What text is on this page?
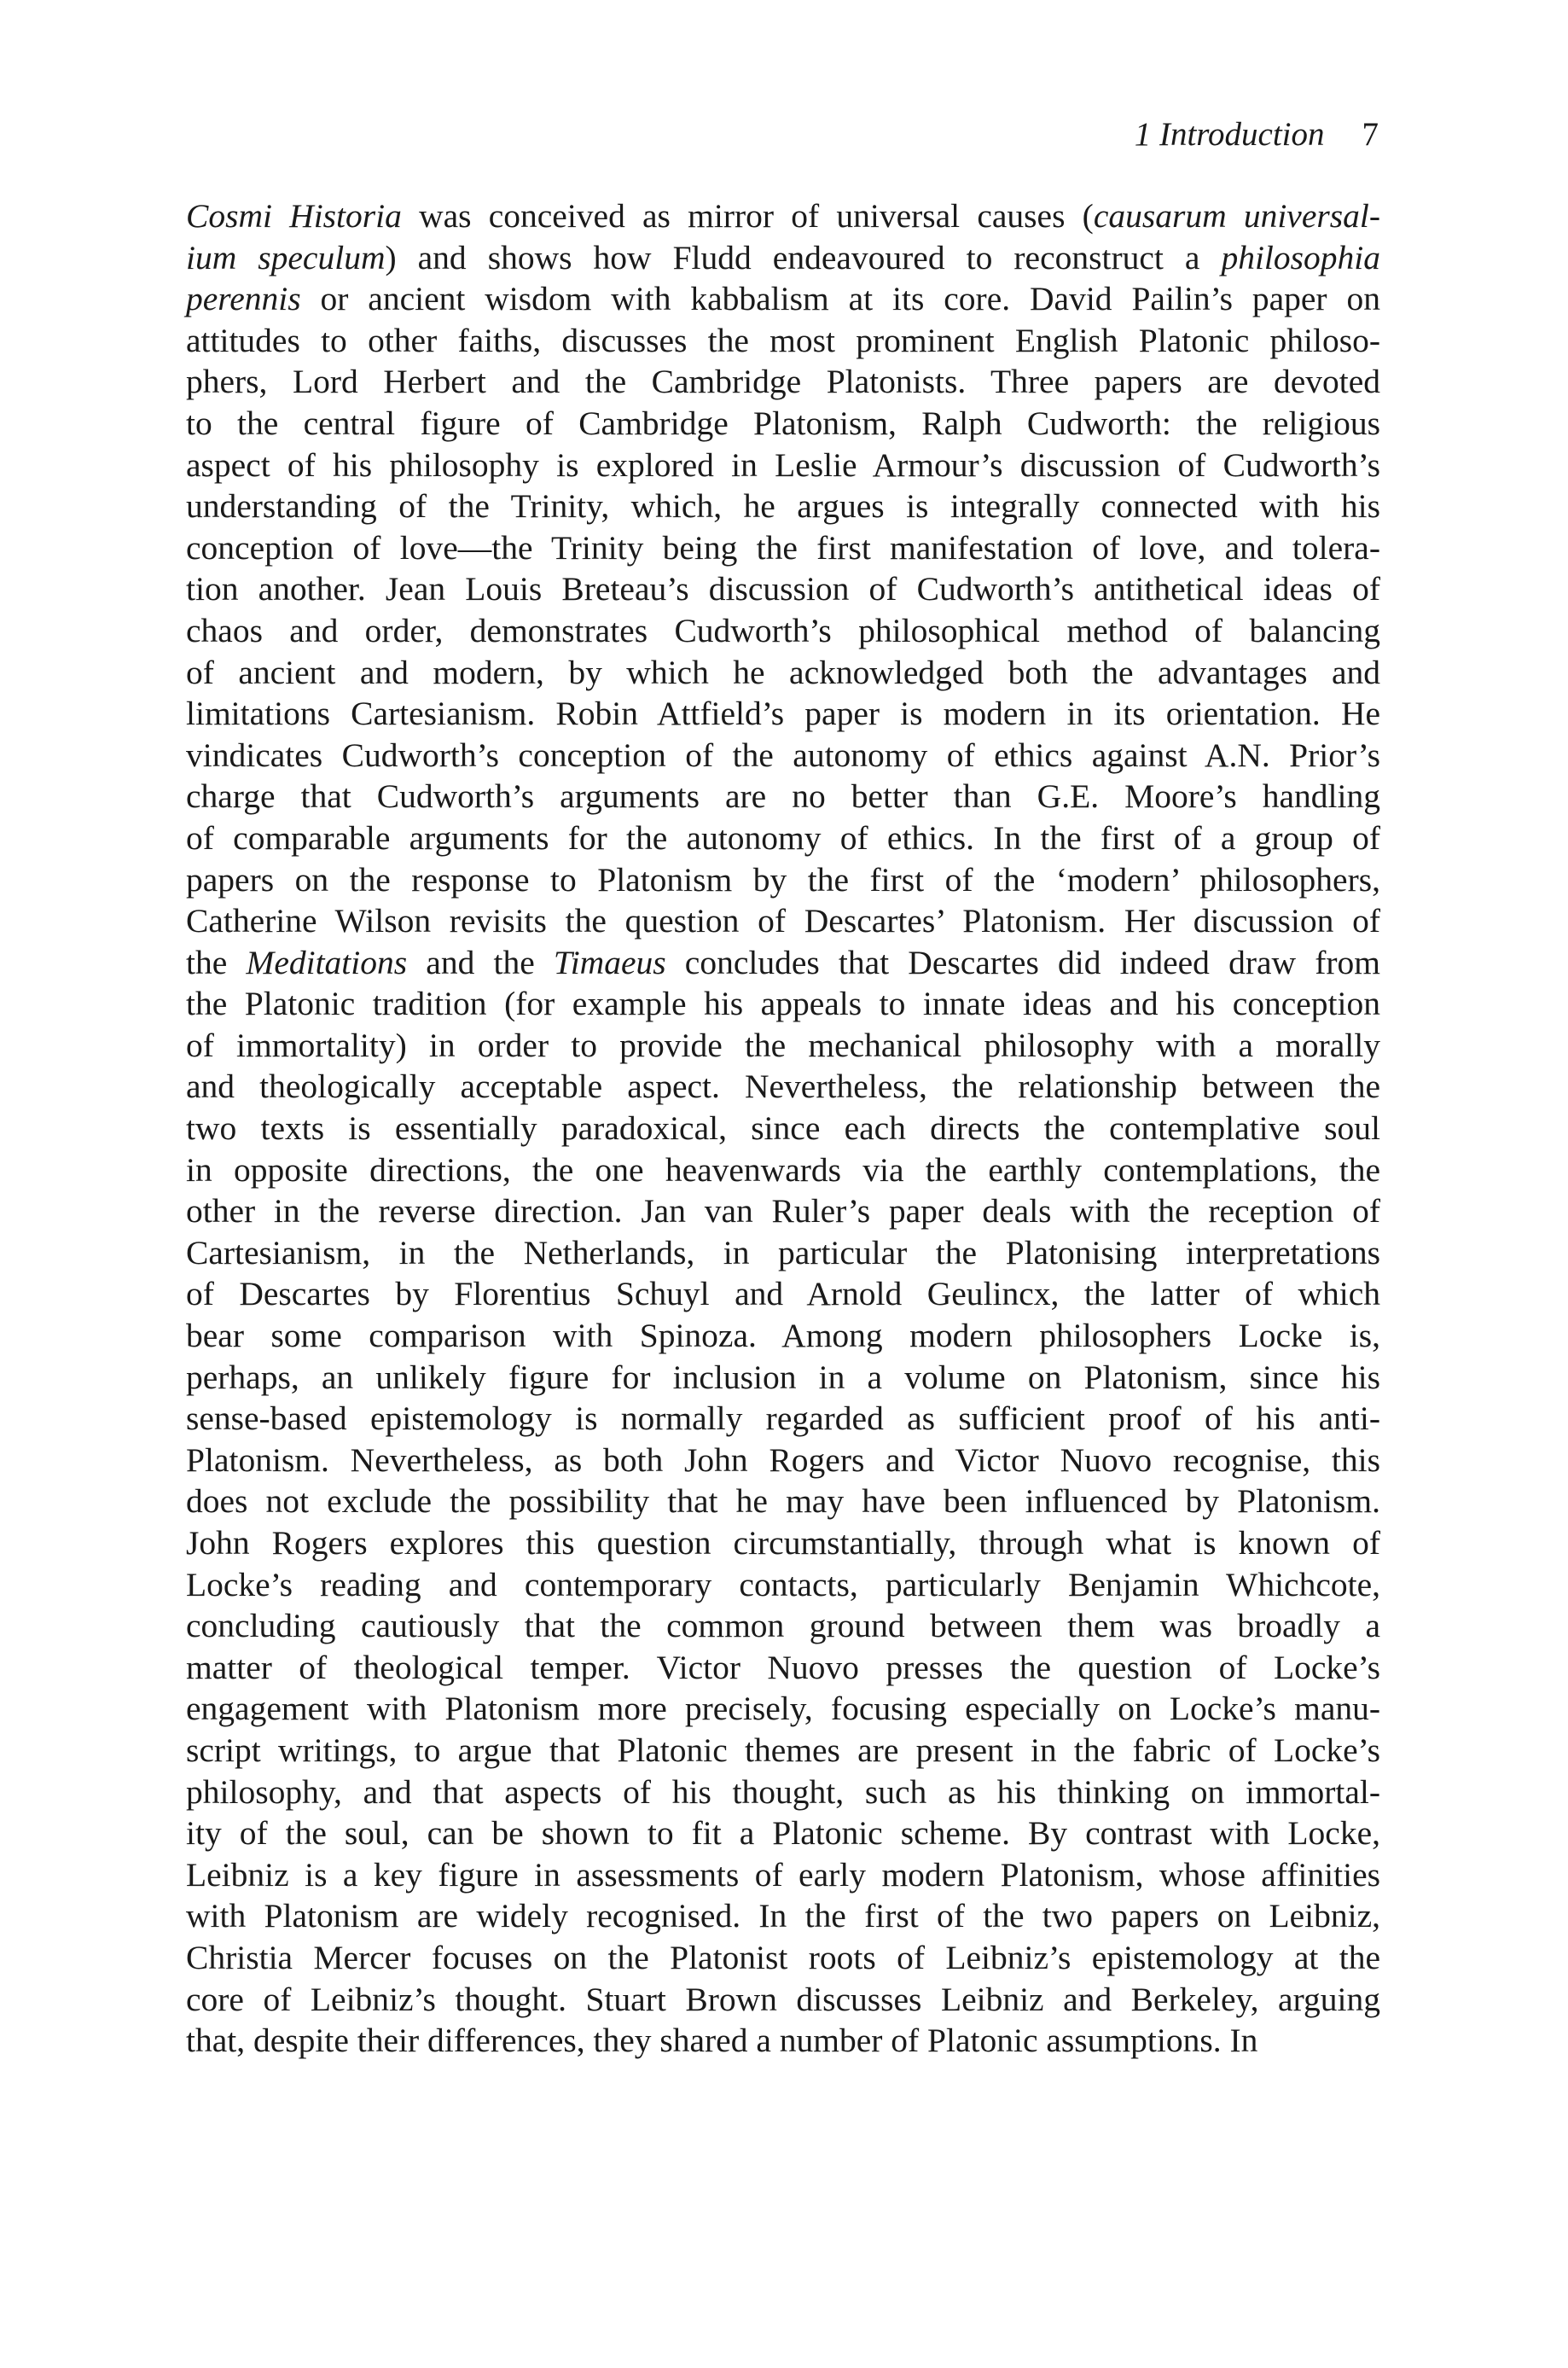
1 Introduction 7
Cosmi Historia was conceived as mirror of universal causes (causarum universal-
ium speculum) and shows how Fludd endeavoured to reconstruct a philosophia
perennis or ancient wisdom with kabbalism at its core. David Pailin’s paper on
attitudes to other faiths, discusses the most prominent English Platonic philoso-
phers, Lord Herbert and the Cambridge Platonists. Three papers are devoted
to the central figure of Cambridge Platonism, Ralph Cudworth: the religious
aspect of his philosophy is explored in Leslie Armour’s discussion of Cudworth’s
understanding of the Trinity, which, he argues is integrally connected with his
conception of love—the Trinity being the first manifestation of love, and tolera-
tion another. Jean Louis Breteau’s discussion of Cudworth’s antithetical ideas of
chaos and order, demonstrates Cudworth’s philosophical method of balancing
of ancient and modern, by which he acknowledged both the advantages and
limitations Cartesianism. Robin Attfield’s paper is modern in its orientation. He
vindicates Cudworth’s conception of the autonomy of ethics against A.N. Prior’s
charge that Cudworth’s arguments are no better than G.E. Moore’s handling
of comparable arguments for the autonomy of ethics. In the first of a group of
papers on the response to Platonism by the first of the ‘modern’ philosophers,
Catherine Wilson revisits the question of Descartes’ Platonism. Her discussion of
the Meditations and the Timaeus concludes that Descartes did indeed draw from
the Platonic tradition (for example his appeals to innate ideas and his conception
of immortality) in order to provide the mechanical philosophy with a morally
and theologically acceptable aspect. Nevertheless, the relationship between the
two texts is essentially paradoxical, since each directs the contemplative soul
in opposite directions, the one heavenwards via the earthly contemplations, the
other in the reverse direction. Jan van Ruler’s paper deals with the reception of
Cartesianism, in the Netherlands, in particular the Platonising interpretations
of Descartes by Florentius Schuyl and Arnold Geulincx, the latter of which
bear some comparison with Spinoza. Among modern philosophers Locke is,
perhaps, an unlikely figure for inclusion in a volume on Platonism, since his
sense-based epistemology is normally regarded as sufficient proof of his anti-
Platonism. Nevertheless, as both John Rogers and Victor Nuovo recognise, this
does not exclude the possibility that he may have been influenced by Platonism.
John Rogers explores this question circumstantially, through what is known of
Locke’s reading and contemporary contacts, particularly Benjamin Whichcote,
concluding cautiously that the common ground between them was broadly a
matter of theological temper. Victor Nuovo presses the question of Locke’s
engagement with Platonism more precisely, focusing especially on Locke’s manu-
script writings, to argue that Platonic themes are present in the fabric of Locke’s
philosophy, and that aspects of his thought, such as his thinking on immortal-
ity of the soul, can be shown to fit a Platonic scheme. By contrast with Locke,
Leibniz is a key figure in assessments of early modern Platonism, whose affinities
with Platonism are widely recognised. In the first of the two papers on Leibniz,
Christia Mercer focuses on the Platonist roots of Leibniz’s epistemology at the
core of Leibniz’s thought. Stuart Brown discusses Leibniz and Berkeley, arguing
that, despite their differences, they shared a number of Platonic assumptions. In
